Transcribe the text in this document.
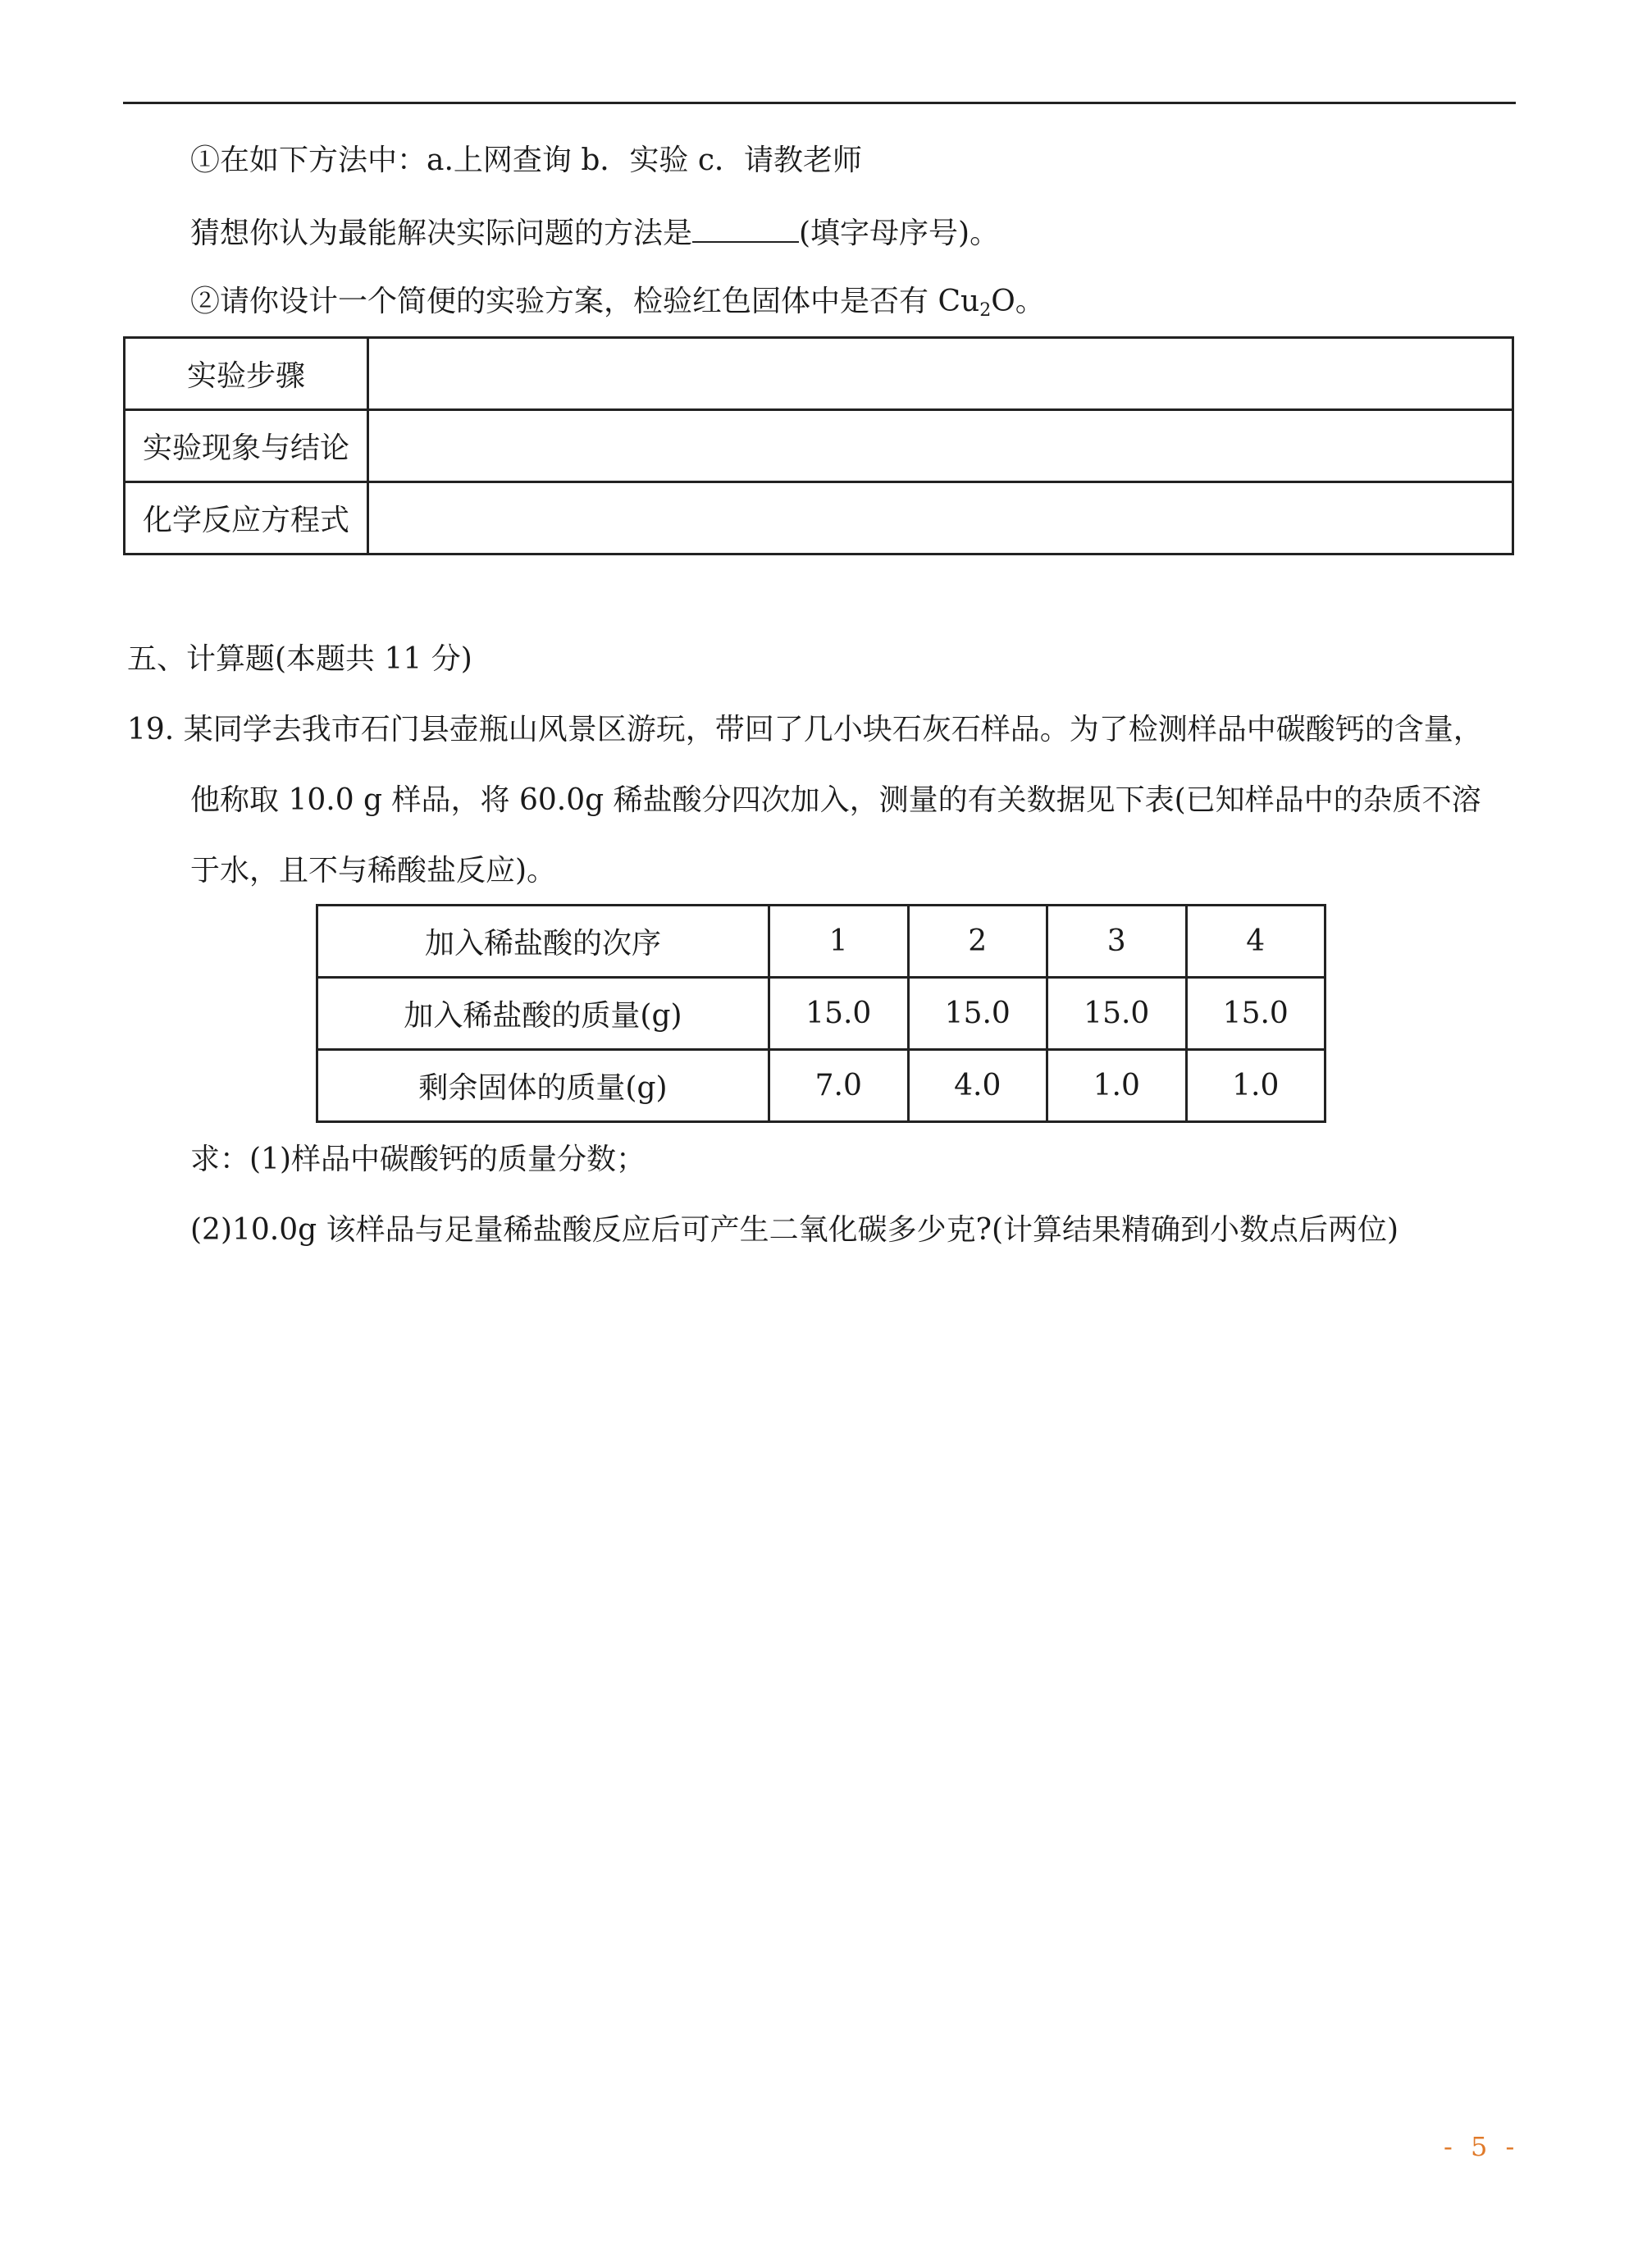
①在如下方法中：a.上网查询 b．实验 c．请教老师
猜想你认为最能解决实际问题的方法是	(填字母序号)。
②请你设计一个简便的实验方案，检验红色固体中是否有 $Cu_2O$。
实验步骤	
实验现象与结论	
化学反应方程式	
五、计算题(本题共 11 分)
19. 某同学去我市石门县壶瓶山风景区游玩，带回了几小块石灰石样品。为了检测样品中碳酸钙的含量，
他称取 10.0 g 样品，将 60.0g 稀盐酸分四次加入，测量的有关数据见下表(已知样品中的杂质不溶
于水，且不与稀酸盐反应)。
加入稀盐酸的次序	1	2	3	4
加入稀盐酸的质量(g)	15.0	15.0	15.0	15.0
剩余固体的质量(g)	7.0	4.0	1.0	1.0
求：(1)样品中碳酸钙的质量分数；
(2)10.0g 该样品与足量稀盐酸反应后可产生二氧化碳多少克?(计算结果精确到小数点后两位)
- 5 -
